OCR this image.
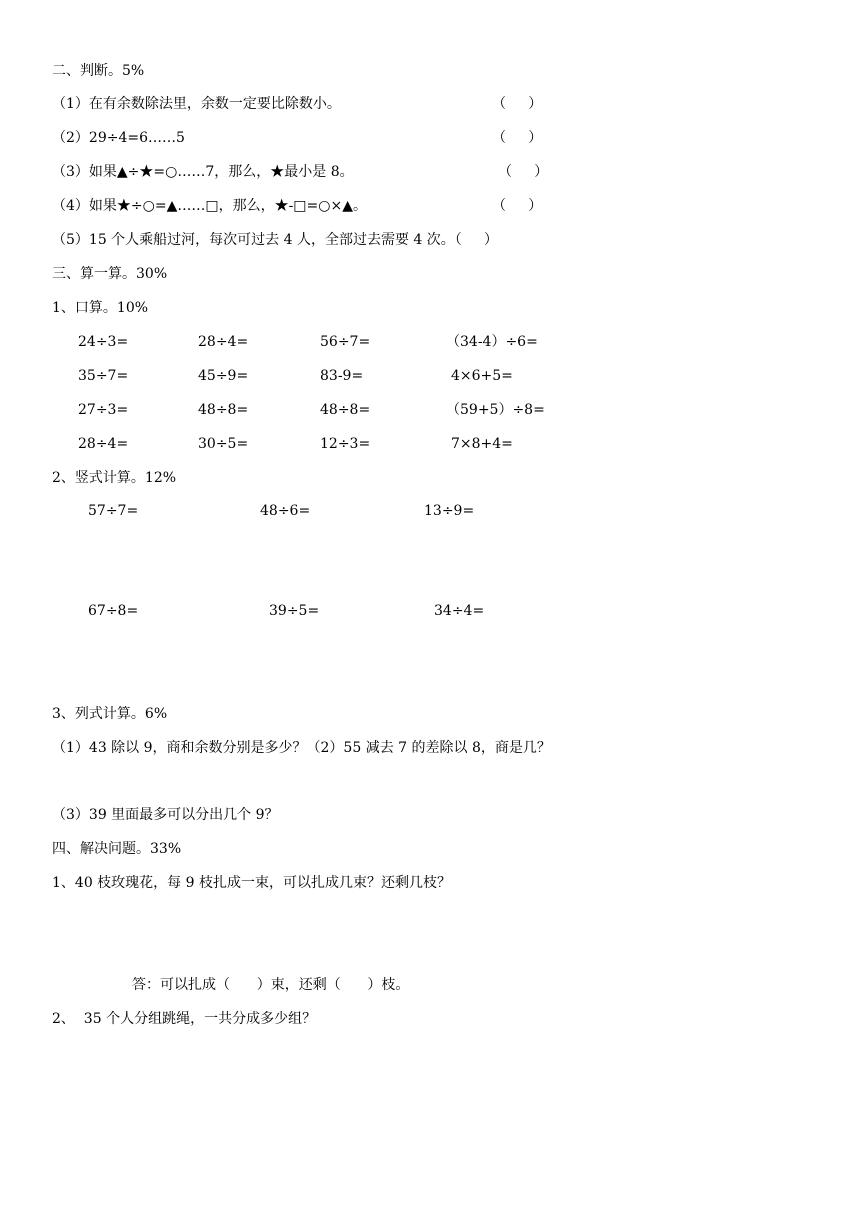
二、判断。5%
（1）在有余数除法里，余数一定要比除数小。	（     ）
（2）29÷4=6……5	（     ）
（3）如果▲÷★=○……7，那么，★最小是 8。	（     ）
（4）如果★÷○=▲……□，那么，★-□=○×▲。	（     ）
（5）15 个人乘船过河，每次可过去 4 人，全部过去需要 4 次。（     ）
三、算一算。30%
1、口算。10%
24÷3=	28÷4=	56÷7=	（34-4）÷6=
35÷7=	45÷9=	83-9=	4×6+5=
27÷3=	48÷8=	48÷8=	（59+5）÷8=
28÷4=	30÷5=	12÷3=	7×8+4=
2、竖式计算。12%
57÷7=	48÷6=	13÷9=
67÷8=	39÷5=	34÷4=
3、列式计算。6%
（1）43 除以 9，商和余数分别是多少？（2）55 减去 7 的差除以 8，商是几？
（3）39 里面最多可以分出几个 9？
四、解决问题。33%
1、40 枝玫瑰花，每 9 枝扎成一束，可以扎成几束？还剩几枝？
答：可以扎成（      ）束，还剩（      ）枝。
2、  35 个人分组跳绳，一共分成多少组？
